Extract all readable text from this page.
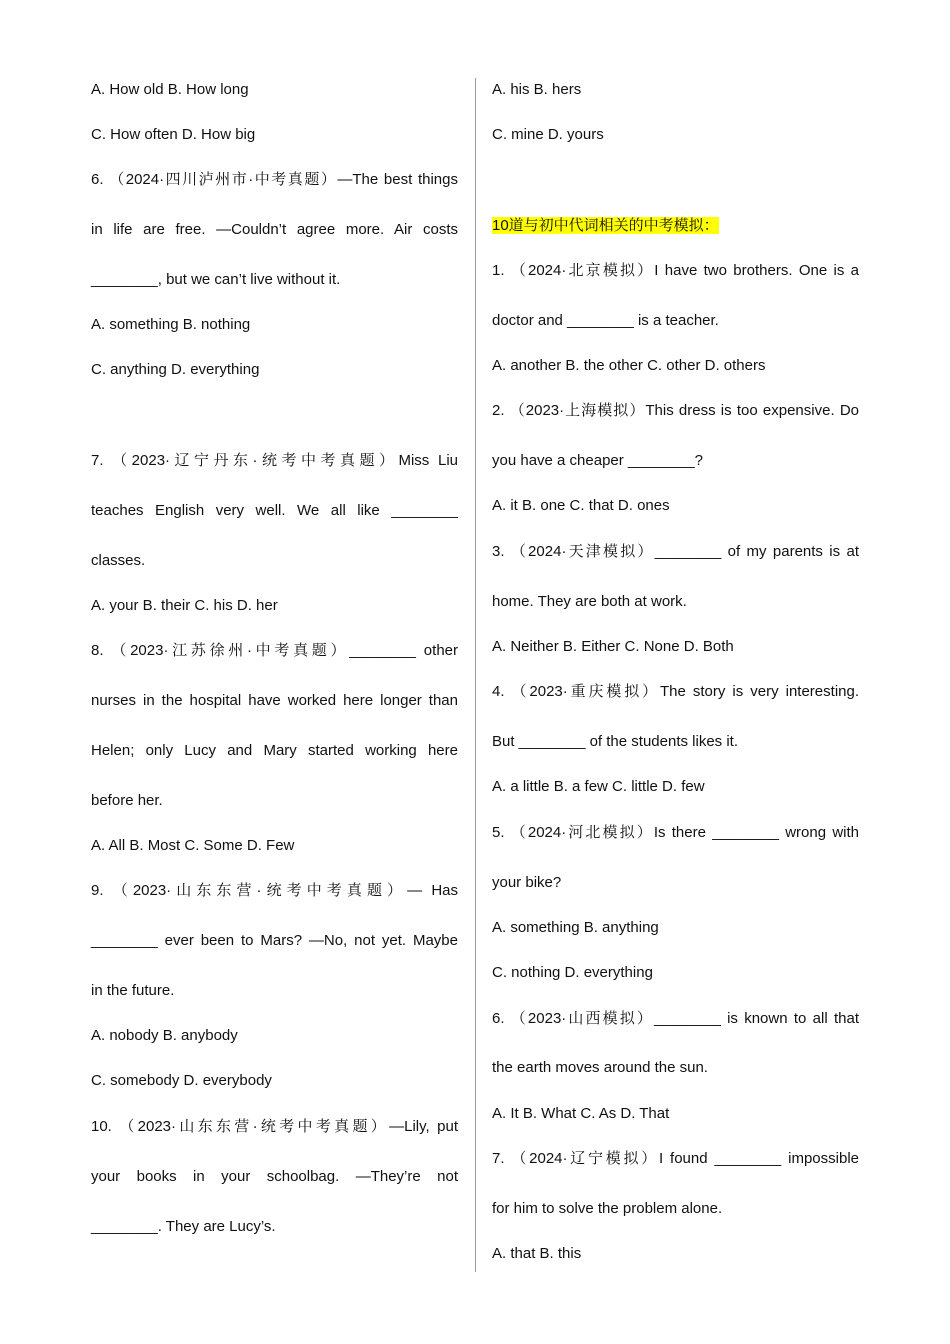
A. How old B. How long
C. How often D. How big
6. （2024·四川泸州市·中考真题）—The best things
in life are free. —Couldn’t agree more. Air costs
________, but we can’t live without it.
A. something B. nothing
C. anything D. everything
7. （2023·辽宁丹东·统考中考真题）Miss Liu
teaches English very well. We all like ________
classes.
A. your B. their C. his D. her
8. （2023·江苏徐州·中考真题）________ other
nurses in the hospital have worked here longer than
Helen; only Lucy and Mary started working here
before her.
A. All B. Most C. Some D. Few
9. （2023·山东东营·统考中考真题）— Has
________ ever been to Mars? —No, not yet. Maybe
in the future.
A. nobody B. anybody
C. somebody D. everybody
10. （2023·山东东营·统考中考真题）—Lily, put
your books in your schoolbag. —They’re not
________. They are Lucy’s.
A. his B. hers
C. mine D. yours
10道与初中代词相关的中考模拟：
1. （2024·北京模拟）I have two brothers. One is a
doctor and ________ is a teacher.
A. another B. the other C. other D. others
2. （2023·上海模拟）This dress is too expensive. Do
you have a cheaper ________?
A. it B. one C. that D. ones
3. （2024·天津模拟）________ of my parents is at
home. They are both at work.
A. Neither B. Either C. None D. Both
4. （2023·重庆模拟）The story is very interesting.
But ________ of the students likes it.
A. a little B. a few C. little D. few
5. （2024·河北模拟）Is there ________ wrong with
your bike?
A. something B. anything
C. nothing D. everything
6. （2023·山西模拟）________ is known to all that
the earth moves around the sun.
A. It B. What C. As D. That
7. （2024·辽宁模拟）I found ________ impossible
for him to solve the problem alone.
A. that B. this
